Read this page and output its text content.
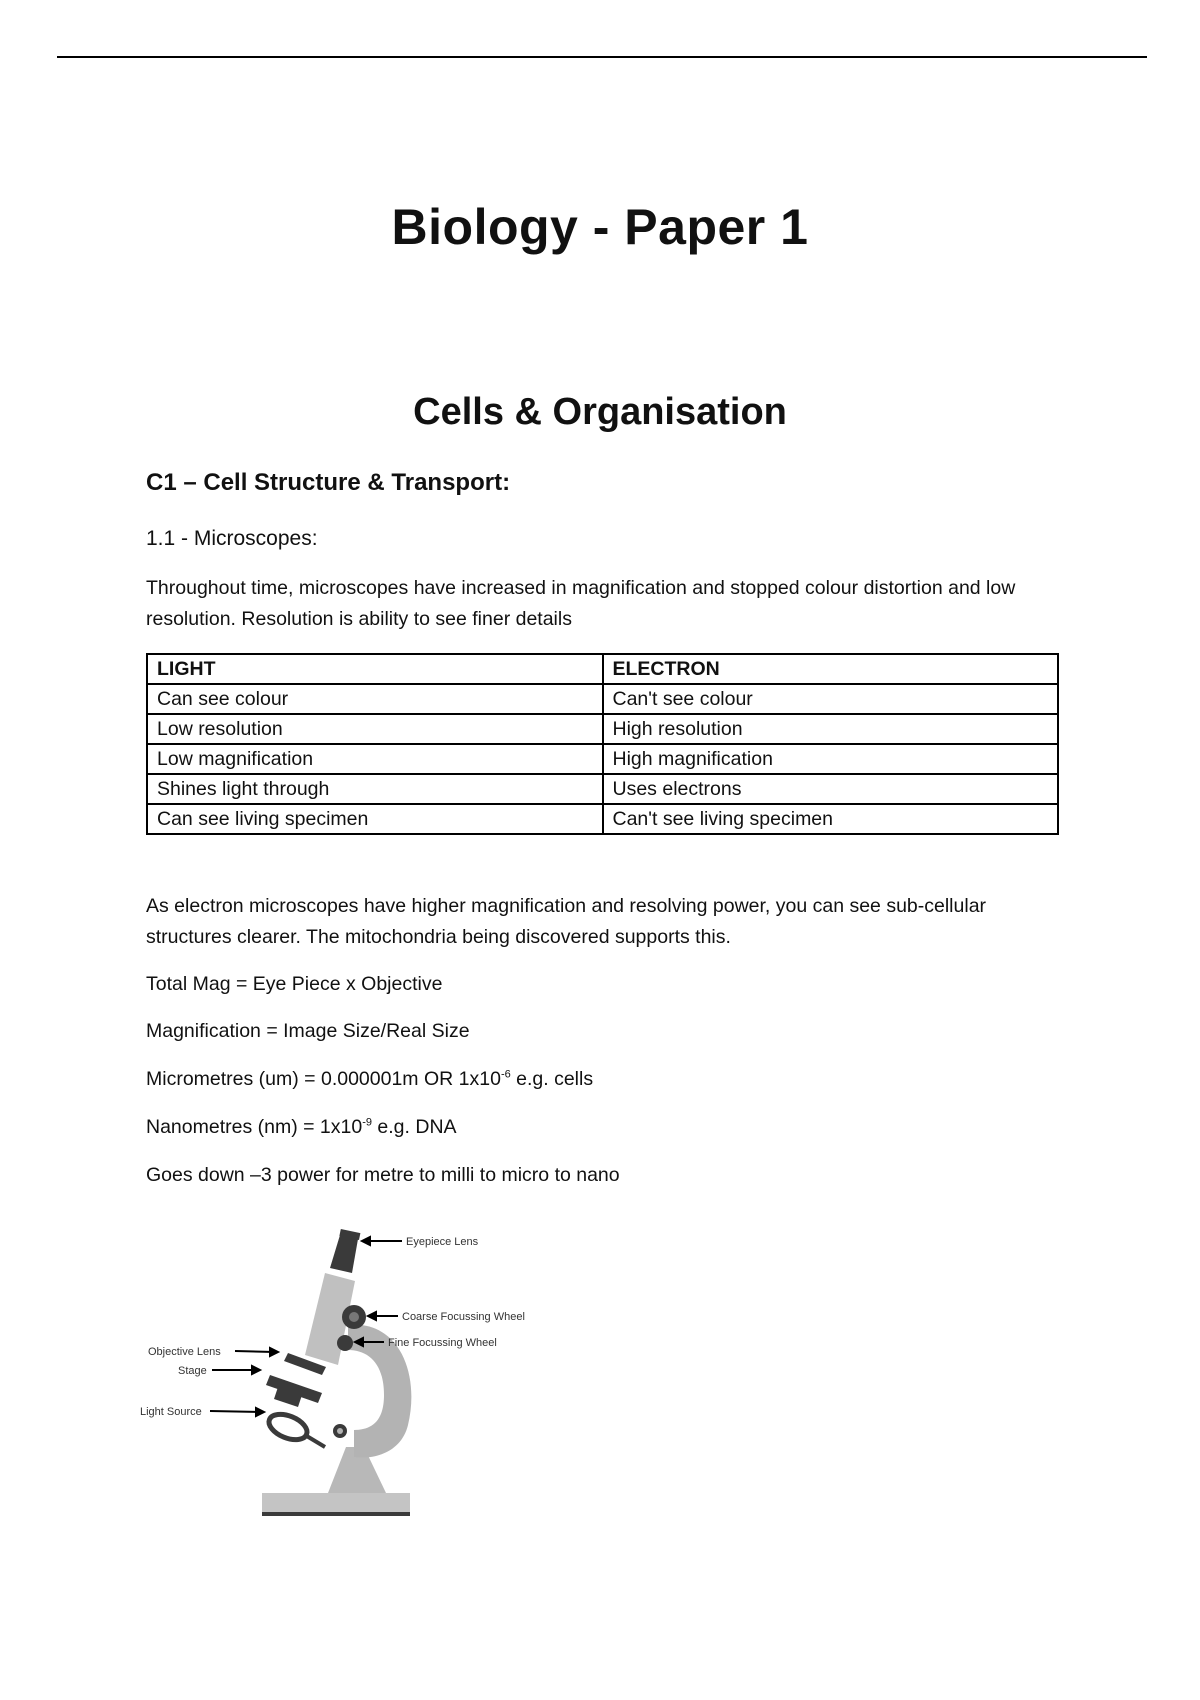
Biology - Paper 1
Cells & Organisation
C1 – Cell Structure & Transport:

1.1 - Microscopes:

Throughout time, microscopes have increased in magnification and stopped colour distortion and low resolution. Resolution is ability to see finer details

LIGHT	ELECTRON
Can see colour	Can't see colour
Low resolution	High resolution
Low magnification	High magnification
Shines light through	Uses electrons
Can see living specimen	Can't see living specimen

As electron microscopes have higher magnification and resolving power, you can see sub-cellular structures clearer. The mitochondria being discovered supports this.

Total Mag = Eye Piece x Objective

Magnification = Image Size/Real Size

Micrometres (um) = 0.000001m OR $1x10^{-6}$ e.g. cells

Nanometres $(nm) = 1x10^{-9}$ e.g. DNA

Goes down –3 power for metre to milli to micro to nano

Eyepiece Lens
Coarse Focussing Wheel
Fine Focussing Wheel
Objective Lens
Stage
Light Source
